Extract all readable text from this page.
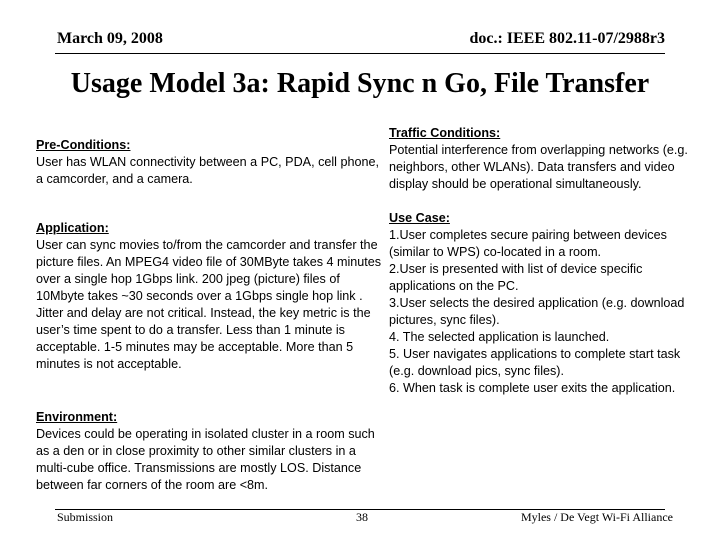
March 09, 2008	doc.: IEEE 802.11-07/2988r3
Usage Model 3a: Rapid Sync n Go, File Transfer
Pre-Conditions:
User has WLAN connectivity between a PC, PDA, cell phone, a camcorder, and a camera.
Application:
User can sync movies to/from the camcorder and transfer the picture files. An MPEG4 video file of 30MByte takes 4 minutes over a single hop 1Gbps link. 200 jpeg (picture) files of 10Mbyte takes ~30 seconds over a 1Gbps single hop link . Jitter and delay are not critical. Instead, the key metric is the user’s time spent to do a transfer. Less than 1 minute is acceptable. 1-5 minutes may be acceptable. More than 5 minutes is not acceptable.
Environment:
Devices could be operating in isolated cluster in a room such as a den or in close proximity to other similar clusters in a multi-cube office. Transmissions are mostly LOS. Distance between far corners of the room are <8m.
Traffic Conditions:
Potential interference from overlapping networks (e.g. neighbors, other WLANs). Data transfers and video display should be operational simultaneously.
Use Case:
1.User completes secure pairing between devices (similar to WPS) co-located in a room.
2.User is presented with list of device specific applications on the PC.
3.User selects the desired application (e.g. download pictures, sync files).
4. The selected application is launched.
5. User navigates applications to complete start task (e.g. download pics, sync files).
6. When task is complete user exits the application.
Submission	38	Myles / De Vegt Wi-Fi Alliance
